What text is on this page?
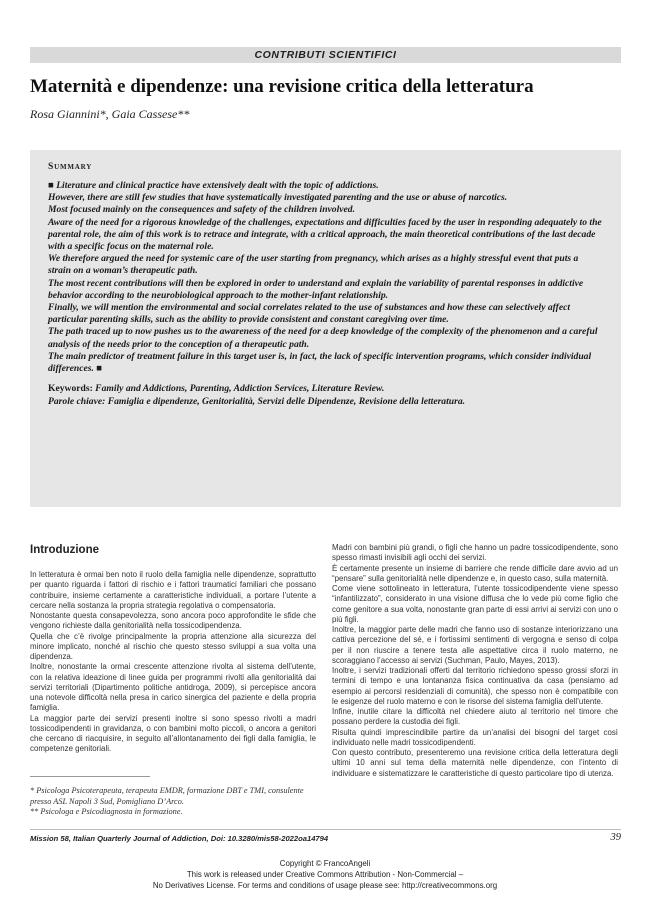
CONTRIBUTI SCIENTIFICI
Maternità e dipendenze: una revisione critica della letteratura
Rosa Giannini*, Gaia Cassese**
Summary

■ Literature and clinical practice have extensively dealt with the topic of addictions.

However, there are still few studies that have systematically investigated parenting and the use or abuse of narcotics.

Most focused mainly on the consequences and safety of the children involved.

Aware of the need for a rigorous knowledge of the challenges, expectations and difficulties faced by the user in responding adequately to the parental role, the aim of this work is to retrace and integrate, with a critical approach, the main theoretical contributions of the last decade with a specific focus on the maternal role.

We therefore argued the need for systemic care of the user starting from pregnancy, which arises as a highly stressful event that puts a strain on a woman’s therapeutic path.

The most recent contributions will then be explored in order to understand and explain the variability of parental responses in addictive behavior according to the neurobiological approach to the mother-infant relationship.

Finally, we will mention the environmental and social correlates related to the use of substances and how these can selectively affect particular parenting skills, such as the ability to provide consistent and constant caregiving over time.

The path traced up to now pushes us to the awareness of the need for a deep knowledge of the complexity of the phenomenon and a careful analysis of the needs prior to the conception of a therapeutic path.

The main predictor of treatment failure in this target user is, in fact, the lack of specific intervention programs, which consider individual differences. ■

Keywords: Family and Addictions, Parenting, Addiction Services, Literature Review.
Parole chiave: Famiglia e dipendenze, Genitorialità, Servizi delle Dipendenze, Revisione della letteratura.
Introduzione

In letteratura è ormai ben noto il ruolo della famiglia nelle dipendenze, soprattutto per quanto riguarda i fattori di rischio e i fattori traumatici familiari che possano contribuire, insieme certamente a caratteristiche individuali, a portare l’utente a cercare nella sostanza la propria strategia regolativa o compensatoria.

Nonostante questa consapevolezza, sono ancora poco approfondite le sfide che vengono richieste dalla genitorialità nella tossicodipendenza.

Quella che c’è rivolge principalmente la propria attenzione alla sicurezza del minore implicato, nonché al rischio che questo stesso sviluppi a sua volta una dipendenza.

Inoltre, nonostante la ormai crescente attenzione rivolta al sistema dell’utente, con la relativa ideazione di linee guida per programmi rivolti alla genitorialità dai servizi territoriali (Dipartimento politiche antidroga, 2009), si percepisce ancora una notevole difficoltà nella presa in carico sinergica del paziente e della propria famiglia.

La maggior parte dei servizi presenti inoltre si sono spesso rivolti a madri tossicodipendenti in gravidanza, o con bambini molto piccoli, o ancora a genitori che cercano di riacquisire, in seguito all’allontanamento dei figli dalla famiglia, le competenze genitoriali.

* Psicologa Psicoterapeuta, terapeuta EMDR, formazione DBT e TMI, consulente presso ASL Napoli 3 Sud, Pomigliano D’Arco.

** Psicologa e Psicodiagnosta in formazione.

Madri con bambini più grandi, o figli che hanno un padre tossicodipendente, sono spesso rimasti invisibili agli occhi dei servizi.

È certamente presente un insieme di barriere che rende difficile dare avvio ad un “pensare” sulla genitorialità nelle dipendenze e, in questo caso, sulla maternità.

Come viene sottolineato in letteratura, l’utente tossicodipendente viene spesso “infantilizzato”, considerato in una visione diffusa che lo vede più come figlio che come genitore a sua volta, nonostante gran parte di essi arrivi ai servizi con uno o più figli.

Inoltre, la maggior parte delle madri che fanno uso di sostanze interiorizzano una cattiva percezione del sé, e i fortissimi sentimenti di vergogna e senso di colpa per il non riuscire a tenere testa alle aspettative circa il ruolo materno, ne scoraggiano l’accesso ai servizi (Suchman, Paulo, Mayes, 2013).

Inoltre, i servizi tradizionali offerti dal territorio richiedono spesso grossi sforzi in termini di tempo e una lontananza fisica continuativa da casa (pensiamo ad esempio ai percorsi residenziali di comunità), che spesso non è compatibile con le esigenze del ruolo materno e con le risorse del sistema famiglia dell’utente.

Infine, inutile citare la difficoltà nel chiedere aiuto al territorio nel timore che possano perdere la custodia dei figli.

Risulta quindi imprescindibile partire da un’analisi dei bisogni del target così individuato nelle madri tossicodipendenti.

Con questo contributo, presenteremo una revisione critica della letteratura degli ultimi 10 anni sul tema della maternità nelle dipendenze, con l’intento di individuare e sistematizzare le caratteristiche di questo particolare tipo di utenza.

Mission 58, Italian Quarterly Journal of Addiction, Doi: 10.3280/mis58-2022oa14794	39
Copyright © FrancoAngeli
This work is released under Creative Commons Attribution - Non-Commercial –
No Derivatives License. For terms and conditions of usage please see: http://creativecommons.org
